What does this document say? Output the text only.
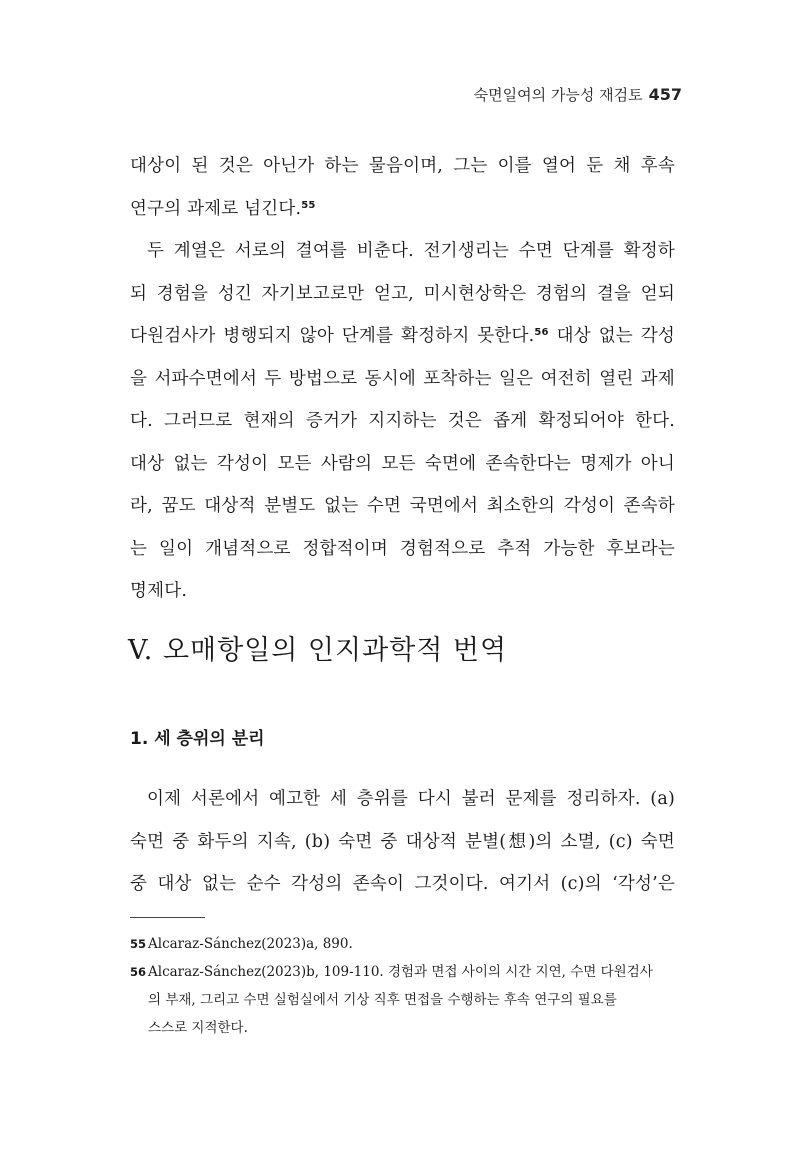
숙면일여의 가능성 재검토 457
대상이 된 것은 아닌가 하는 물음이며, 그는 이를 열어 둔 채 후속
연구의 과제로 넘긴다.$^{55}$
두 계열은 서로의 결여를 비춘다. 전기생리는 수면 단계를 확정하
되 경험을 성긴 자기보고로만 얻고, 미시현상학은 경험의 결을 얻되
다원검사가 병행되지 않아 단계를 확정하지 못한다.$^{56}$ 대상 없는 각성
을 서파수면에서 두 방법으로 동시에 포착하는 일은 여전히 열린 과제
다. 그러므로 현재의 증거가 지지하는 것은 좁게 확정되어야 한다.
대상 없는 각성이 모든 사람의 모든 숙면에 존속한다는 명제가 아니
라, 꿈도 대상적 분별도 없는 수면 국면에서 최소한의 각성이 존속하
는 일이 개념적으로 정합적이며 경험적으로 추적 가능한 후보라는
명제다.
V. 오매항일의 인지과학적 번역
1. 세 층위의 분리
이제 서론에서 예고한 세 층위를 다시 불러 문제를 정리하자. (a)
숙면 중 화두의 지속, (b) 숙면 중 대상적 분별(想)의 소멸, (c) 숙면
중 대상 없는 순수 각성의 존속이 그것이다. 여기서 (c)의 ‘각성’은
55 Alcaraz-Sánchez(2023)a, 890.
56 Alcaraz-Sánchez(2023)b, 109-110. 경험과 면접 사이의 시간 지연, 수면 다원검사
의 부재, 그리고 수면 실험실에서 기상 직후 면접을 수행하는 후속 연구의 필요를
스스로 지적한다.
